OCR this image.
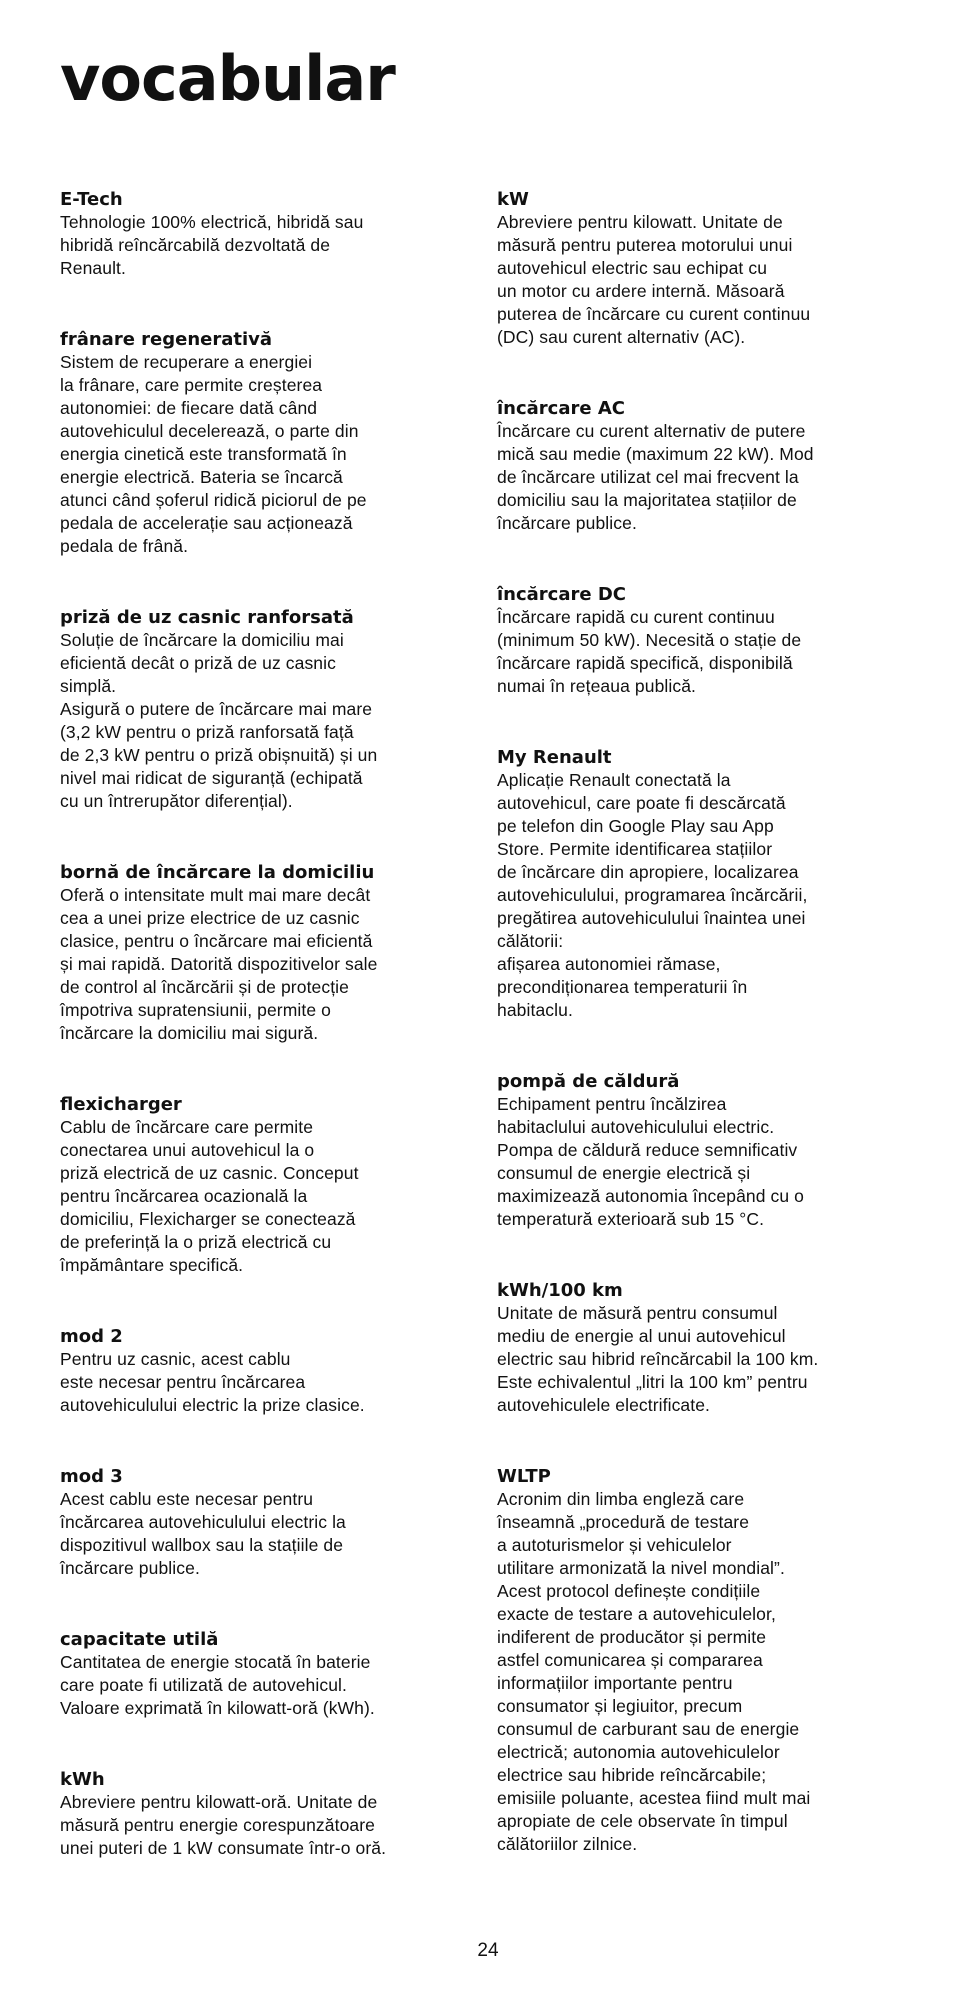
vocabular

E-Tech

Tehnologie 100% electrică, hibridă sau
hibridă reîncărcabilă dezvoltată de
Renault.

frânare regenerativă

Sistem de recuperare a energiei
la frânare, care permite creșterea
autonomiei: de fiecare dată când
autovehiculul decelerează, o parte din
energia cinetică este transformată în
energie electrică. Bateria se încarcă
atunci când șoferul ridică piciorul de pe
pedala de accelerație sau acționează
pedala de frână.

priză de uz casnic ranforsată

Soluție de încărcare la domiciliu mai
eficientă decât o priză de uz casnic
simplă.
Asigură o putere de încărcare mai mare
(3,2 kW pentru o priză ranforsată față
de 2,3 kW pentru o priză obișnuită) și un
nivel mai ridicat de siguranță (echipată
cu un întrerupător diferențial).

bornă de încărcare la domiciliu

Oferă o intensitate mult mai mare decât
cea a unei prize electrice de uz casnic
clasice, pentru o încărcare mai eficientă
și mai rapidă. Datorită dispozitivelor sale
de control al încărcării și de protecție
împotriva supratensiunii, permite o
încărcare la domiciliu mai sigură.

flexicharger

Cablu de încărcare care permite
conectarea unui autovehicul la o
priză electrică de uz casnic. Conceput
pentru încărcarea ocazională la
domiciliu, Flexicharger se conectează
de preferință la o priză electrică cu
împământare specifică.

mod 2

Pentru uz casnic, acest cablu
este necesar pentru încărcarea
autovehiculului electric la prize clasice.

mod 3

Acest cablu este necesar pentru
încărcarea autovehiculului electric la
dispozitivul wallbox sau la stațiile de
încărcare publice.

capacitate utilă

Cantitatea de energie stocată în baterie
care poate fi utilizată de autovehicul.
Valoare exprimată în kilowatt-oră (kWh).

kWh

Abreviere pentru kilowatt-oră. Unitate de
măsură pentru energie corespunzătoare
unei puteri de 1 kW consumate într-o oră.

kW

Abreviere pentru kilowatt. Unitate de
măsură pentru puterea motorului unui
autovehicul electric sau echipat cu
un motor cu ardere internă. Măsoară
puterea de încărcare cu curent continuu
(DC) sau curent alternativ (AC).

încărcare AC

Încărcare cu curent alternativ de putere
mică sau medie (maximum 22 kW). Mod
de încărcare utilizat cel mai frecvent la
domiciliu sau la majoritatea stațiilor de
încărcare publice.

încărcare DC

Încărcare rapidă cu curent continuu
(minimum 50 kW). Necesită o stație de
încărcare rapidă specifică, disponibilă
numai în rețeaua publică.

My Renault

Aplicație Renault conectată la
autovehicul, care poate fi descărcată
pe telefon din Google Play sau App
Store. Permite identificarea stațiilor
de încărcare din apropiere, localizarea
autovehiculului, programarea încărcării,
pregătirea autovehiculului înaintea unei
călătorii:
afișarea autonomiei rămase,
precondiționarea temperaturii în
habitaclu.

pompă de căldură

Echipament pentru încălzirea
habitaclului autovehiculului electric.
Pompa de căldură reduce semnificativ
consumul de energie electrică și
maximizează autonomia începând cu o
temperatură exterioară sub 15 °C.

kWh/100 km

Unitate de măsură pentru consumul
mediu de energie al unui autovehicul
electric sau hibrid reîncărcabil la 100 km.
Este echivalentul „litri la 100 km” pentru
autovehiculele electrificate.

WLTP

Acronim din limba engleză care
înseamnă „procedură de testare
a autoturismelor și vehiculelor
utilitare armonizată la nivel mondial”.
Acest protocol definește condițiile
exacte de testare a autovehiculelor,
indiferent de producător și permite
astfel comunicarea și compararea
informațiilor importante pentru
consumator și legiuitor, precum
consumul de carburant sau de energie
electrică; autonomia autovehiculelor
electrice sau hibride reîncărcabile;
emisiile poluante, acestea fiind mult mai
apropiate de cele observate în timpul
călătoriilor zilnice.

24
